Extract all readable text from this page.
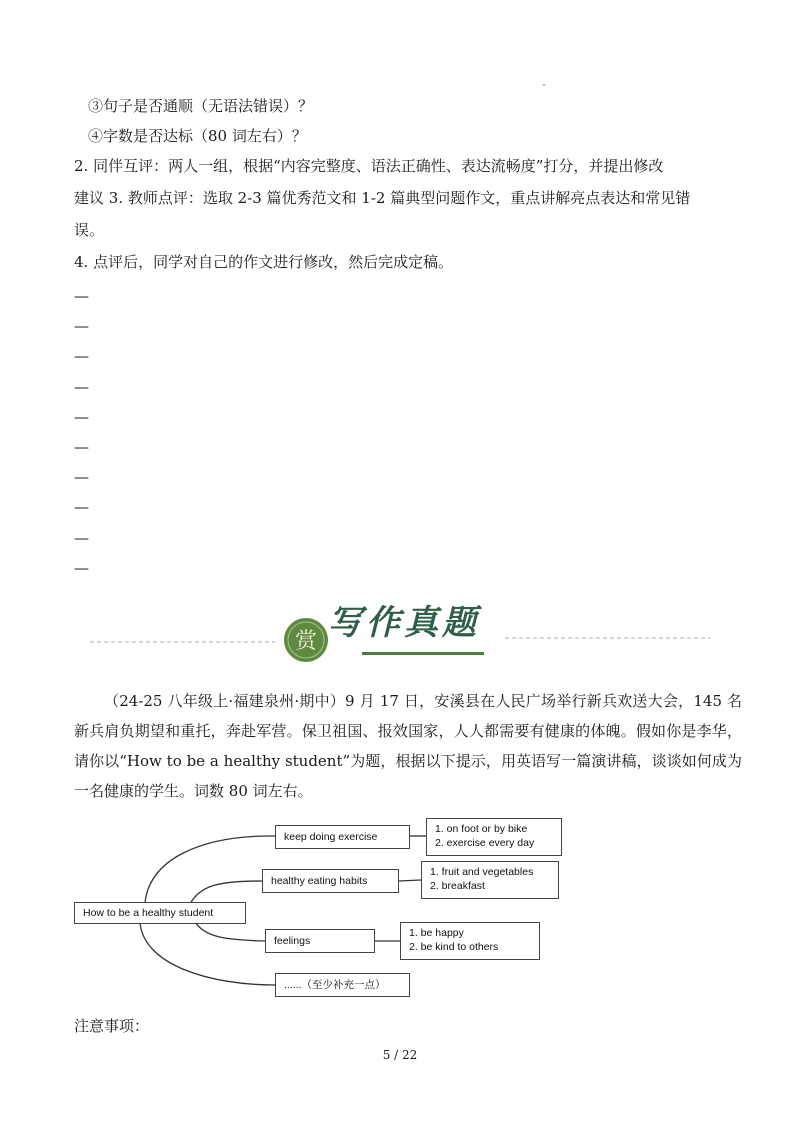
③句子是否通顺（无语法错误）？
④字数是否达标（80 词左右）？
2. 同伴互评：两人一组，根据“内容完整度、语法正确性、表达流畅度”打分，并提出修改
建议 3. 教师点评：选取 2-3 篇优秀范文和 1-2 篇典型问题作文，重点讲解亮点表达和常见错
误。
4. 点评后，同学对自己的作文进行修改，然后完成定稿。
—
—
—
—
—
—
—
—
—
—
赏 写作真题
（24-25 八年级上·福建泉州·期中）9 月 17 日，安溪县在人民广场举行新兵欢送大会，145 名新兵肩负期望和重托，奔赴军营。保卫祖国、报效国家，人人都需要有健康的体魄。假如你是李华，请你以“How to be a healthy student”为题，根据以下提示，用英语写一篇演讲稿，谈谈如何成为一名健康的学生。词数 80 词左右。
How to be a healthy student
keep doing exercise
1. on foot or by bike
2. exercise every day
healthy eating habits
1. fruit and vegetables
2. breakfast
feelings
1. be happy
2. be kind to others
......（至少补充一点）
注意事项：
5 / 22
